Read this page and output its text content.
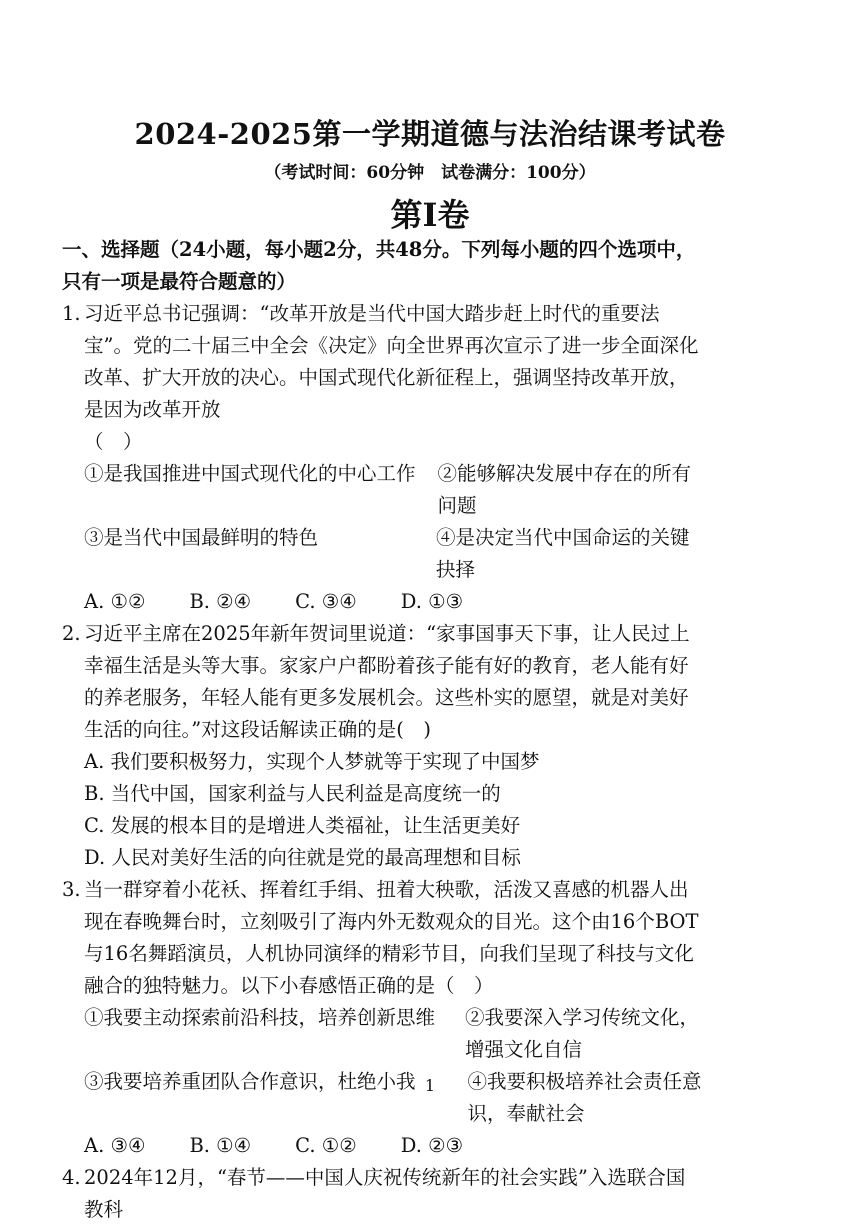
2024-2025第一学期道德与法治结课考试卷
（考试时间：60分钟　试卷满分：100分）
第Ⅰ卷

一、选择题（24小题，每小题2分，共48分。下列每小题的四个选项中，只有一项是最符合题意的）

1. 习近平总书记强调：“改革开放是当代中国大踏步赶上时代的重要法宝”。党的二十届三中全会《决定》向全世界再次宣示了进一步全面深化改革、扩大开放的决心。中国式现代化新征程上，强调坚持改革开放，是因为改革开放

（　）
①是我国推进中国式现代化的中心工作	②能够解决发展中存在的所有问题
③是当代中国最鲜明的特色	④是决定当代中国命运的关键抉择
A. ①② B. ②④ C. ③④ D. ①③

2. 习近平主席在2025年新年贺词里说道：“家事国事天下事，让人民过上幸福生活是头等大事。家家户户都盼着孩子能有好的教育，老人能有好的养老服务，年轻人能有更多发展机会。这些朴实的愿望，就是对美好生活的向往。”对这段话解读正确的是(　)

A. 我们要积极努力，实现个人梦就等于实现了中国梦

B. 当代中国，国家利益与人民利益是高度统一的

C. 发展的根本目的是增进人类福祉，让生活更美好

D. 人民对美好生活的向往就是党的最高理想和目标

3. 当一群穿着小花袄、挥着红手绢、扭着大秧歌，活泼又喜感的机器人出现在春晚舞台时，立刻吸引了海内外无数观众的目光。这个由16个BOT与16名舞蹈演员，人机协同演绎的精彩节目，向我们呈现了科技与文化融合的独特魅力。以下小春感悟正确的是（　）

①我要主动探索前沿科技，培养创新思维	②我要深入学习传统文化，增强文化自信
③我要培养重团队合作意识，杜绝小我	④我要积极培养社会责任意识，奉献社会
A. ③④ B. ①④ C. ①② D. ②③

4. 2024年12月，“春节——中国人庆祝传统新年的社会实践”入选联合国教科

1
